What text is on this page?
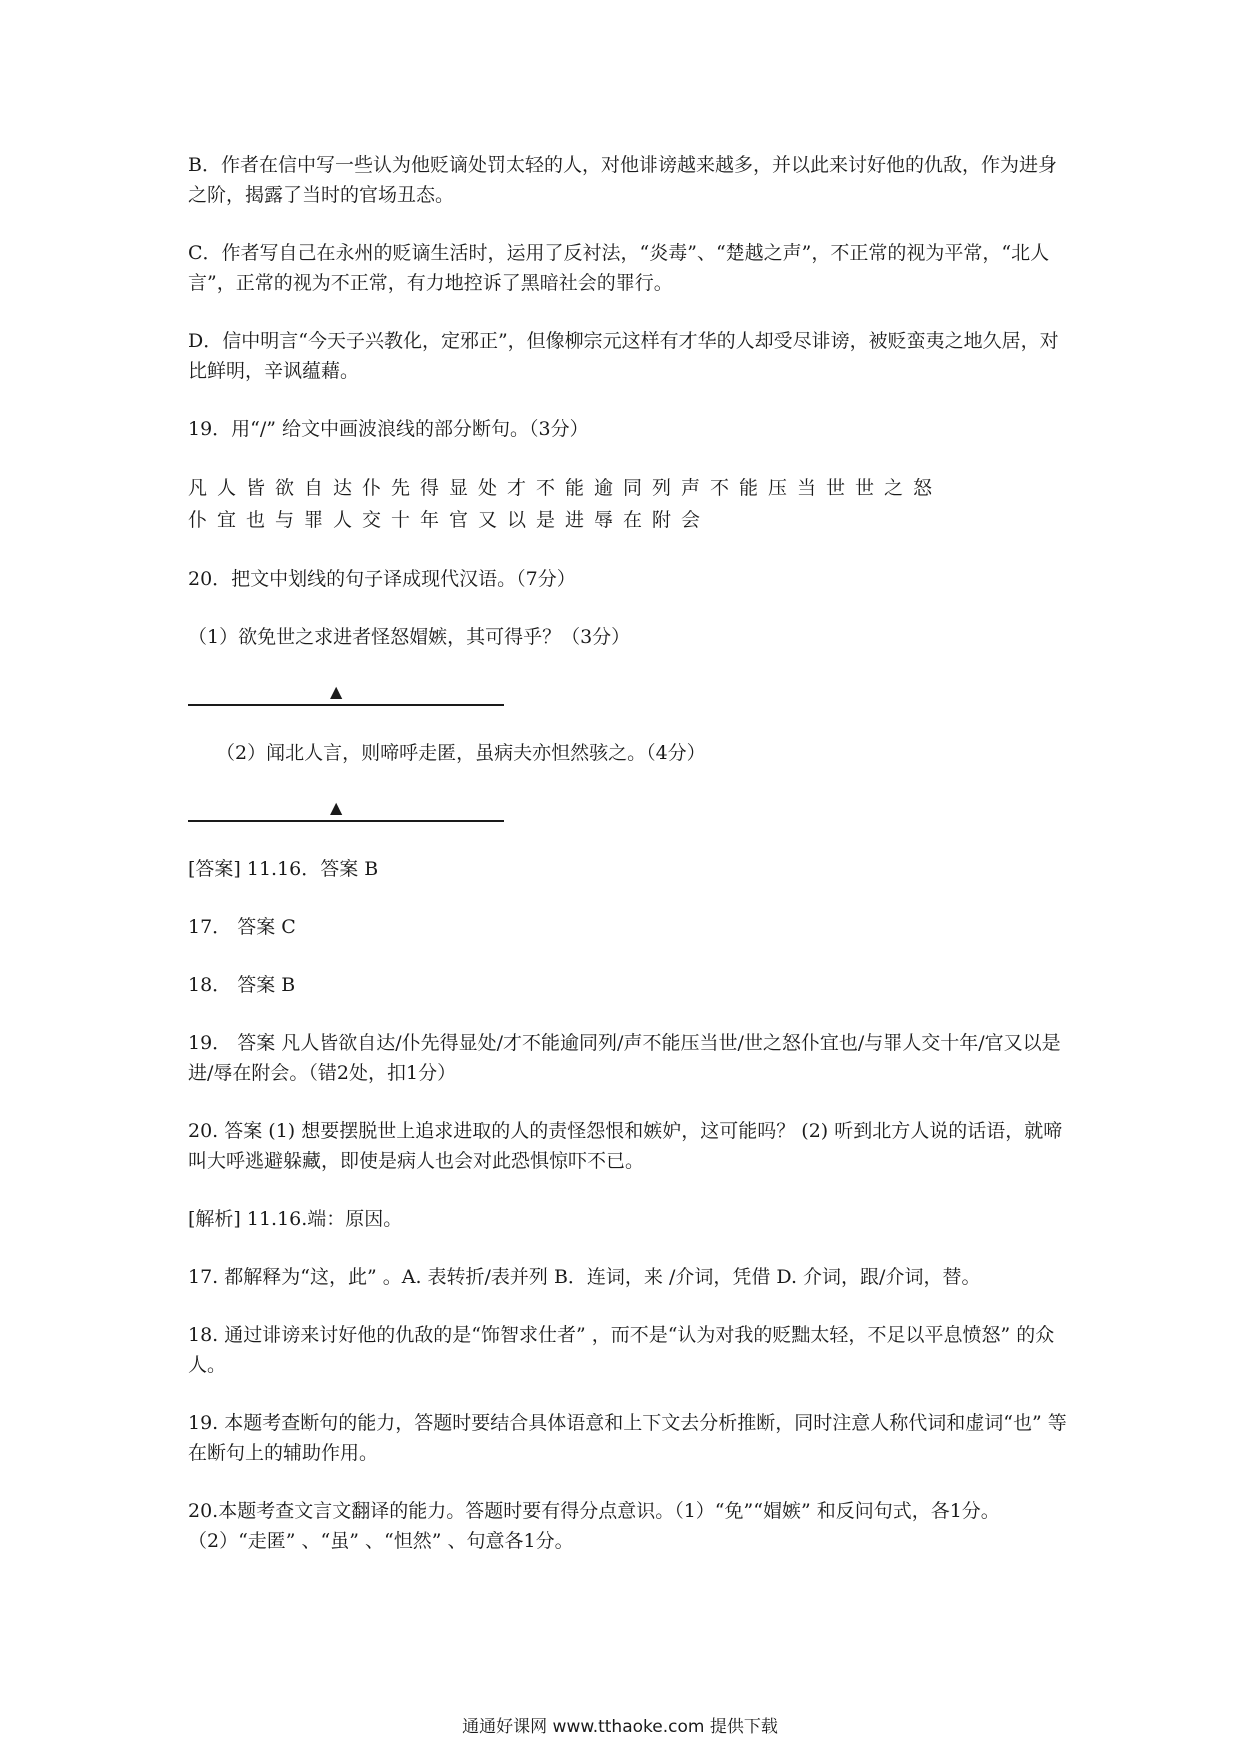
B．作者在信中写一些认为他贬谪处罚太轻的人，对他诽谤越来越多，并以此来讨好他的仇敌，作为进身之阶，揭露了当时的官场丑态。

C．作者写自己在永州的贬谪生活时，运用了反衬法，“炎毒”、“楚越之声”，不正常的视为平常，“北人言”，正常的视为不正常，有力地控诉了黑暗社会的罪行。

D．信中明言“今天子兴教化，定邪正”，但像柳宗元这样有才华的人却受尽诽谤，被贬蛮夷之地久居，对比鲜明，辛讽蕴藉。

19．用“/” 给文中画波浪线的部分断句。（3分）

凡人皆欲自达仆先得显处才不能逾同列声不能压当世世之怒
仆宜也与罪人交十年官又以是进辱在附会

20．把文中划线的句子译成现代汉语。（7分）

（1）欲免世之求进者怪怒媢嫉，其可得乎？（3分）

▲

（2）闻北人言，则啼呼走匿，虽病夫亦怛然骇之。（4分）

▲

[答案] 11.16．答案 B

17． 答案 C

18． 答案 B

19． 答案 凡人皆欲自达/仆先得显处/才不能逾同列/声不能压当世/世之怒仆宜也/与罪人交十年/官又以是进/辱在附会。（错2处，扣1分）

20. 答案 (1) 想要摆脱世上追求进取的人的责怪怨恨和嫉妒，这可能吗？ (2) 听到北方人说的话语，就啼叫大呼逃避躲藏，即使是病人也会对此恐惧惊吓不已。

[解析] 11.16.端：原因。

17. 都解释为“这，此” 。A. 表转折/表并列 B．连词，来 /介词，凭借 D. 介词，跟/介词，替。

18. 通过诽谤来讨好他的仇敌的是“饰智求仕者” ，而不是“认为对我的贬黜太轻，不足以平息愤怒” 的众人。

19. 本题考查断句的能力，答题时要结合具体语意和上下文去分析推断，同时注意人称代词和虚词“也” 等在断句上的辅助作用。

20.本题考查文言文翻译的能力。答题时要有得分点意识。（1）“免”“媢嫉” 和反问句式，各1分。（2）“走匿” 、“虽” 、“怛然” 、句意各1分。

通通好课网 www.tthaoke.com 提供下载
